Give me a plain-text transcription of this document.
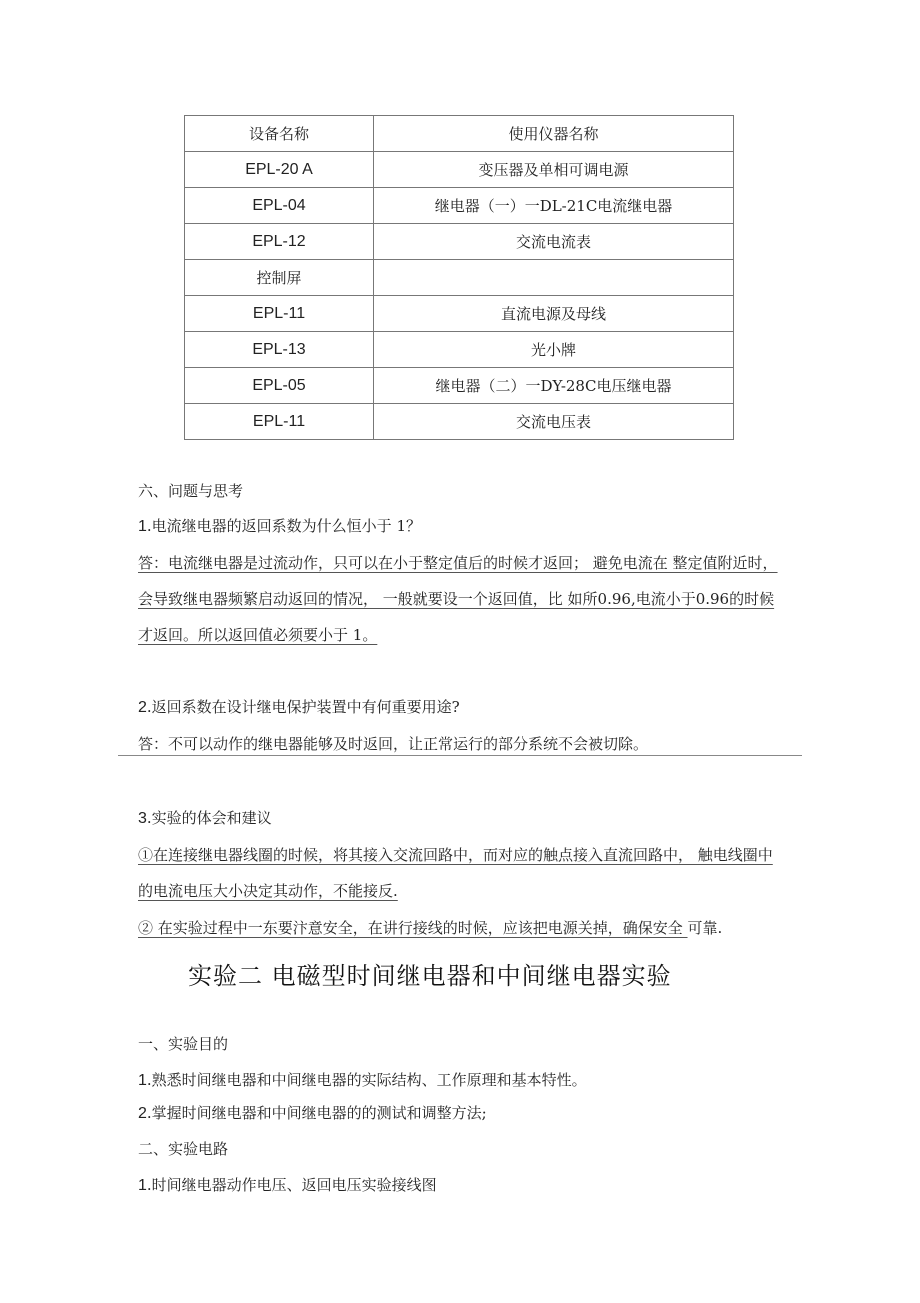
设备名称	使用仪器名称
EPL-20 A	变压器及单相可调电源
EPL-04	继电器（一）一DL-21C电流继电器
EPL-12	交流电流表
控制屏	
EPL-11	直流电源及母线
EPL-13	光小牌
EPL-05	继电器（二）一DY-28C电压继电器
EPL-11	交流电压表
六、问题与思考
1.电流继电器的返回系数为什么恒小于 1？
答：电流继电器是过流动作，只可以在小于整定值后的时候才返回； 避免电流在 整定值附近时，
会导致继电器频繁启动返回的情况， 一般就要设一个返回值，比 如所0.96,电流小于0.96的时候
才返回。所以返回值必须要小于 1。
2.返回系数在设计继电保护装置中有何重要用途?
答：不可以动作的继电器能够及时返回，让正常运行的部分系统不会被切除。
3.实验的体会和建议
①在连接继电器线圈的时候，将其接入交流回路中，而对应的触点接入直流回路中， 触电线圈中
的电流电压大小决定其动作，不能接反.
② 在实验过程中一东要汴意安全，在讲行接线的时候，应该把电源关掉，确保安全 可靠.
实验二 电磁型时间继电器和中间继电器实验
一、实验目的
1.熟悉时间继电器和中间继电器的实际结构、工作原理和基本特性。
2.掌握时间继电器和中间继电器的的测试和调整方法;
二、实验电路
1.时间继电器动作电压、返回电压实验接线图
